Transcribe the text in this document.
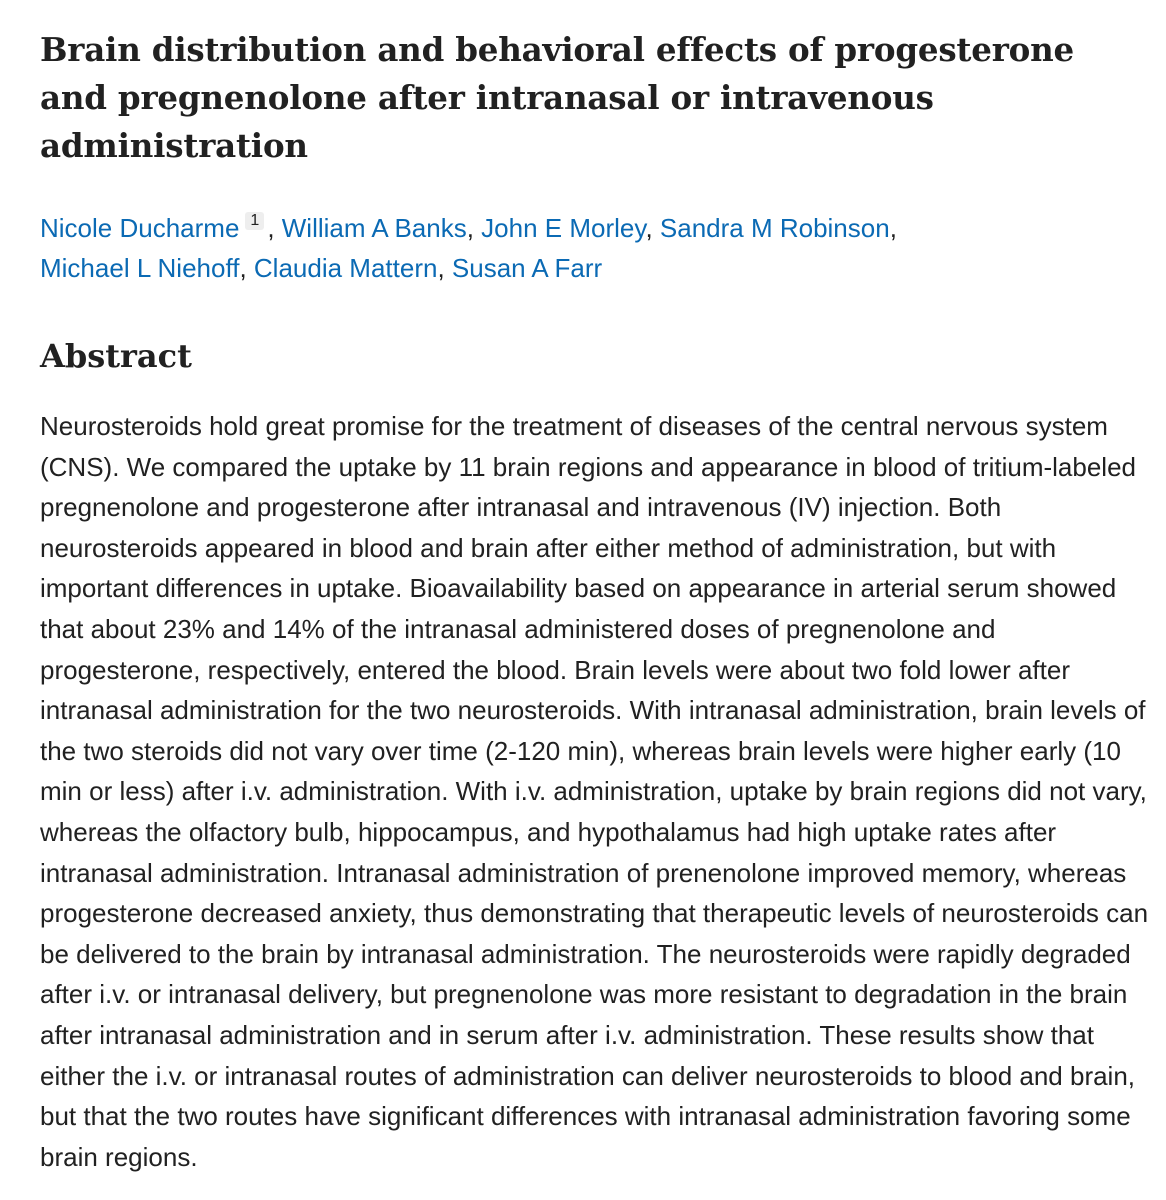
Brain distribution and behavioral effects of progesterone and pregnenolone after intranasal or intravenous administration
Nicole Ducharme 1 , William A Banks, John E Morley, Sandra M Robinson,
Michael L Niehoff, Claudia Mattern, Susan A Farr
Abstract

Neurosteroids hold great promise for the treatment of diseases of the central nervous system (CNS). We compared the uptake by 11 brain regions and appearance in blood of tritium-labeled pregnenolone and progesterone after intranasal and intravenous (IV) injection. Both neurosteroids appeared in blood and brain after either method of administration, but with important differences in uptake. Bioavailability based on appearance in arterial serum showed that about 23% and 14% of the intranasal administered doses of pregnenolone and progesterone, respectively, entered the blood. Brain levels were about two fold lower after intranasal administration for the two neurosteroids. With intranasal administration, brain levels of the two steroids did not vary over time (2-120 min), whereas brain levels were higher early (10 min or less) after i.v. administration. With i.v. administration, uptake by brain regions did not vary, whereas the olfactory bulb, hippocampus, and hypothalamus had high uptake rates after intranasal administration. Intranasal administration of prenenolone improved memory, whereas progesterone decreased anxiety, thus demonstrating that therapeutic levels of neurosteroids can be delivered to the brain by intranasal administration. The neurosteroids were rapidly degraded after i.v. or intranasal delivery, but pregnenolone was more resistant to degradation in the brain after intranasal administration and in serum after i.v. administration. These results show that either the i.v. or intranasal routes of administration can deliver neurosteroids to blood and brain, but that the two routes have significant differences with intranasal administration favoring some brain regions.
